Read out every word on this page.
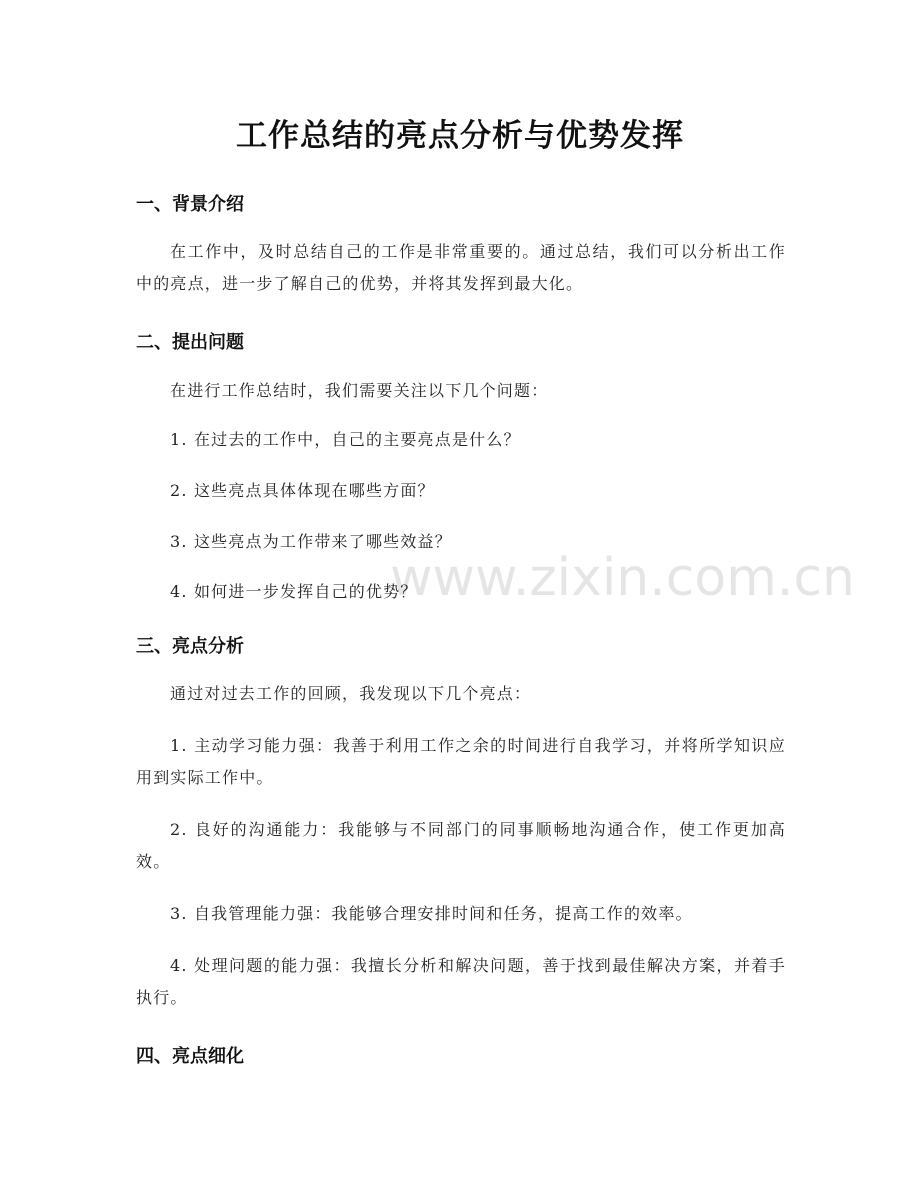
工作总结的亮点分析与优势发挥
一、背景介绍
在工作中，及时总结自己的工作是非常重要的。通过总结，我们可以分析出工作中的亮点，进一步了解自己的优势，并将其发挥到最大化。
二、提出问题
在进行工作总结时，我们需要关注以下几个问题：
1. 在过去的工作中，自己的主要亮点是什么？
2. 这些亮点具体体现在哪些方面？
3. 这些亮点为工作带来了哪些效益？
4. 如何进一步发挥自己的优势？
三、亮点分析
通过对过去工作的回顾，我发现以下几个亮点：
1. 主动学习能力强：我善于利用工作之余的时间进行自我学习，并将所学知识应用到实际工作中。
2. 良好的沟通能力：我能够与不同部门的同事顺畅地沟通合作，使工作更加高效。
3. 自我管理能力强：我能够合理安排时间和任务，提高工作的效率。
4. 处理问题的能力强：我擅长分析和解决问题，善于找到最佳解决方案，并着手执行。
四、亮点细化
www.zixin.com.cn
